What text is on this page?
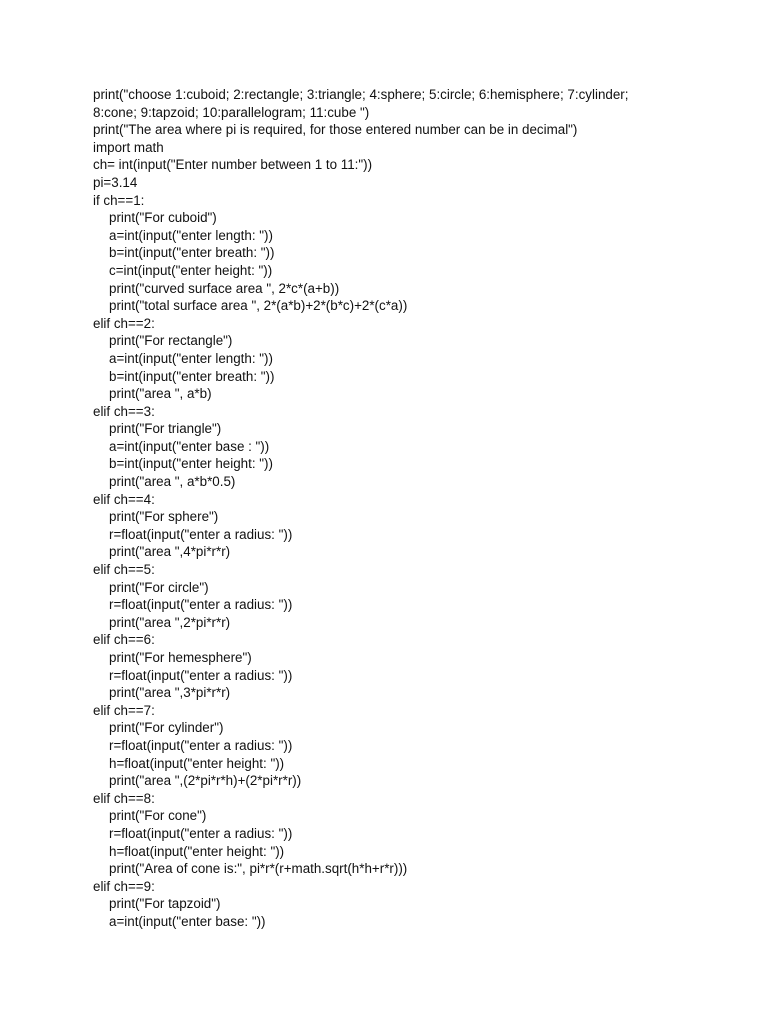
print("choose 1:cuboid; 2:rectangle; 3:triangle; 4:sphere; 5:circle; 6:hemisphere; 7:cylinder;
8:cone; 9:tapzoid; 10:parallelogram; 11:cube ")
print("The area where pi is required, for those entered number can be in decimal")
import math
ch= int(input("Enter number between 1 to 11:"))
pi=3.14
if ch==1:
print("For cuboid")
a=int(input("enter length: "))
b=int(input("enter breath: "))
c=int(input("enter height: "))
print("curved surface area ", 2*c*(a+b))
print("total surface area ", 2*(a*b)+2*(b*c)+2*(c*a))
elif ch==2:
print("For rectangle")
a=int(input("enter length: "))
b=int(input("enter breath: "))
print("area ", a*b)
elif ch==3:
print("For triangle")
a=int(input("enter base : "))
b=int(input("enter height: "))
print("area ", a*b*0.5)
elif ch==4:
print("For sphere")
r=float(input("enter a radius: "))
print("area ",4*pi*r*r)
elif ch==5:
print("For circle")
r=float(input("enter a radius: "))
print("area ",2*pi*r*r)
elif ch==6:
print("For hemesphere")
r=float(input("enter a radius: "))
print("area ",3*pi*r*r)
elif ch==7:
print("For cylinder")
r=float(input("enter a radius: "))
h=float(input("enter height: "))
print("area ",(2*pi*r*h)+(2*pi*r*r))
elif ch==8:
print("For cone")
r=float(input("enter a radius: "))
h=float(input("enter height: "))
print("Area of cone is:", pi*r*(r+math.sqrt(h*h+r*r)))
elif ch==9:
print("For tapzoid")
a=int(input("enter base: "))
